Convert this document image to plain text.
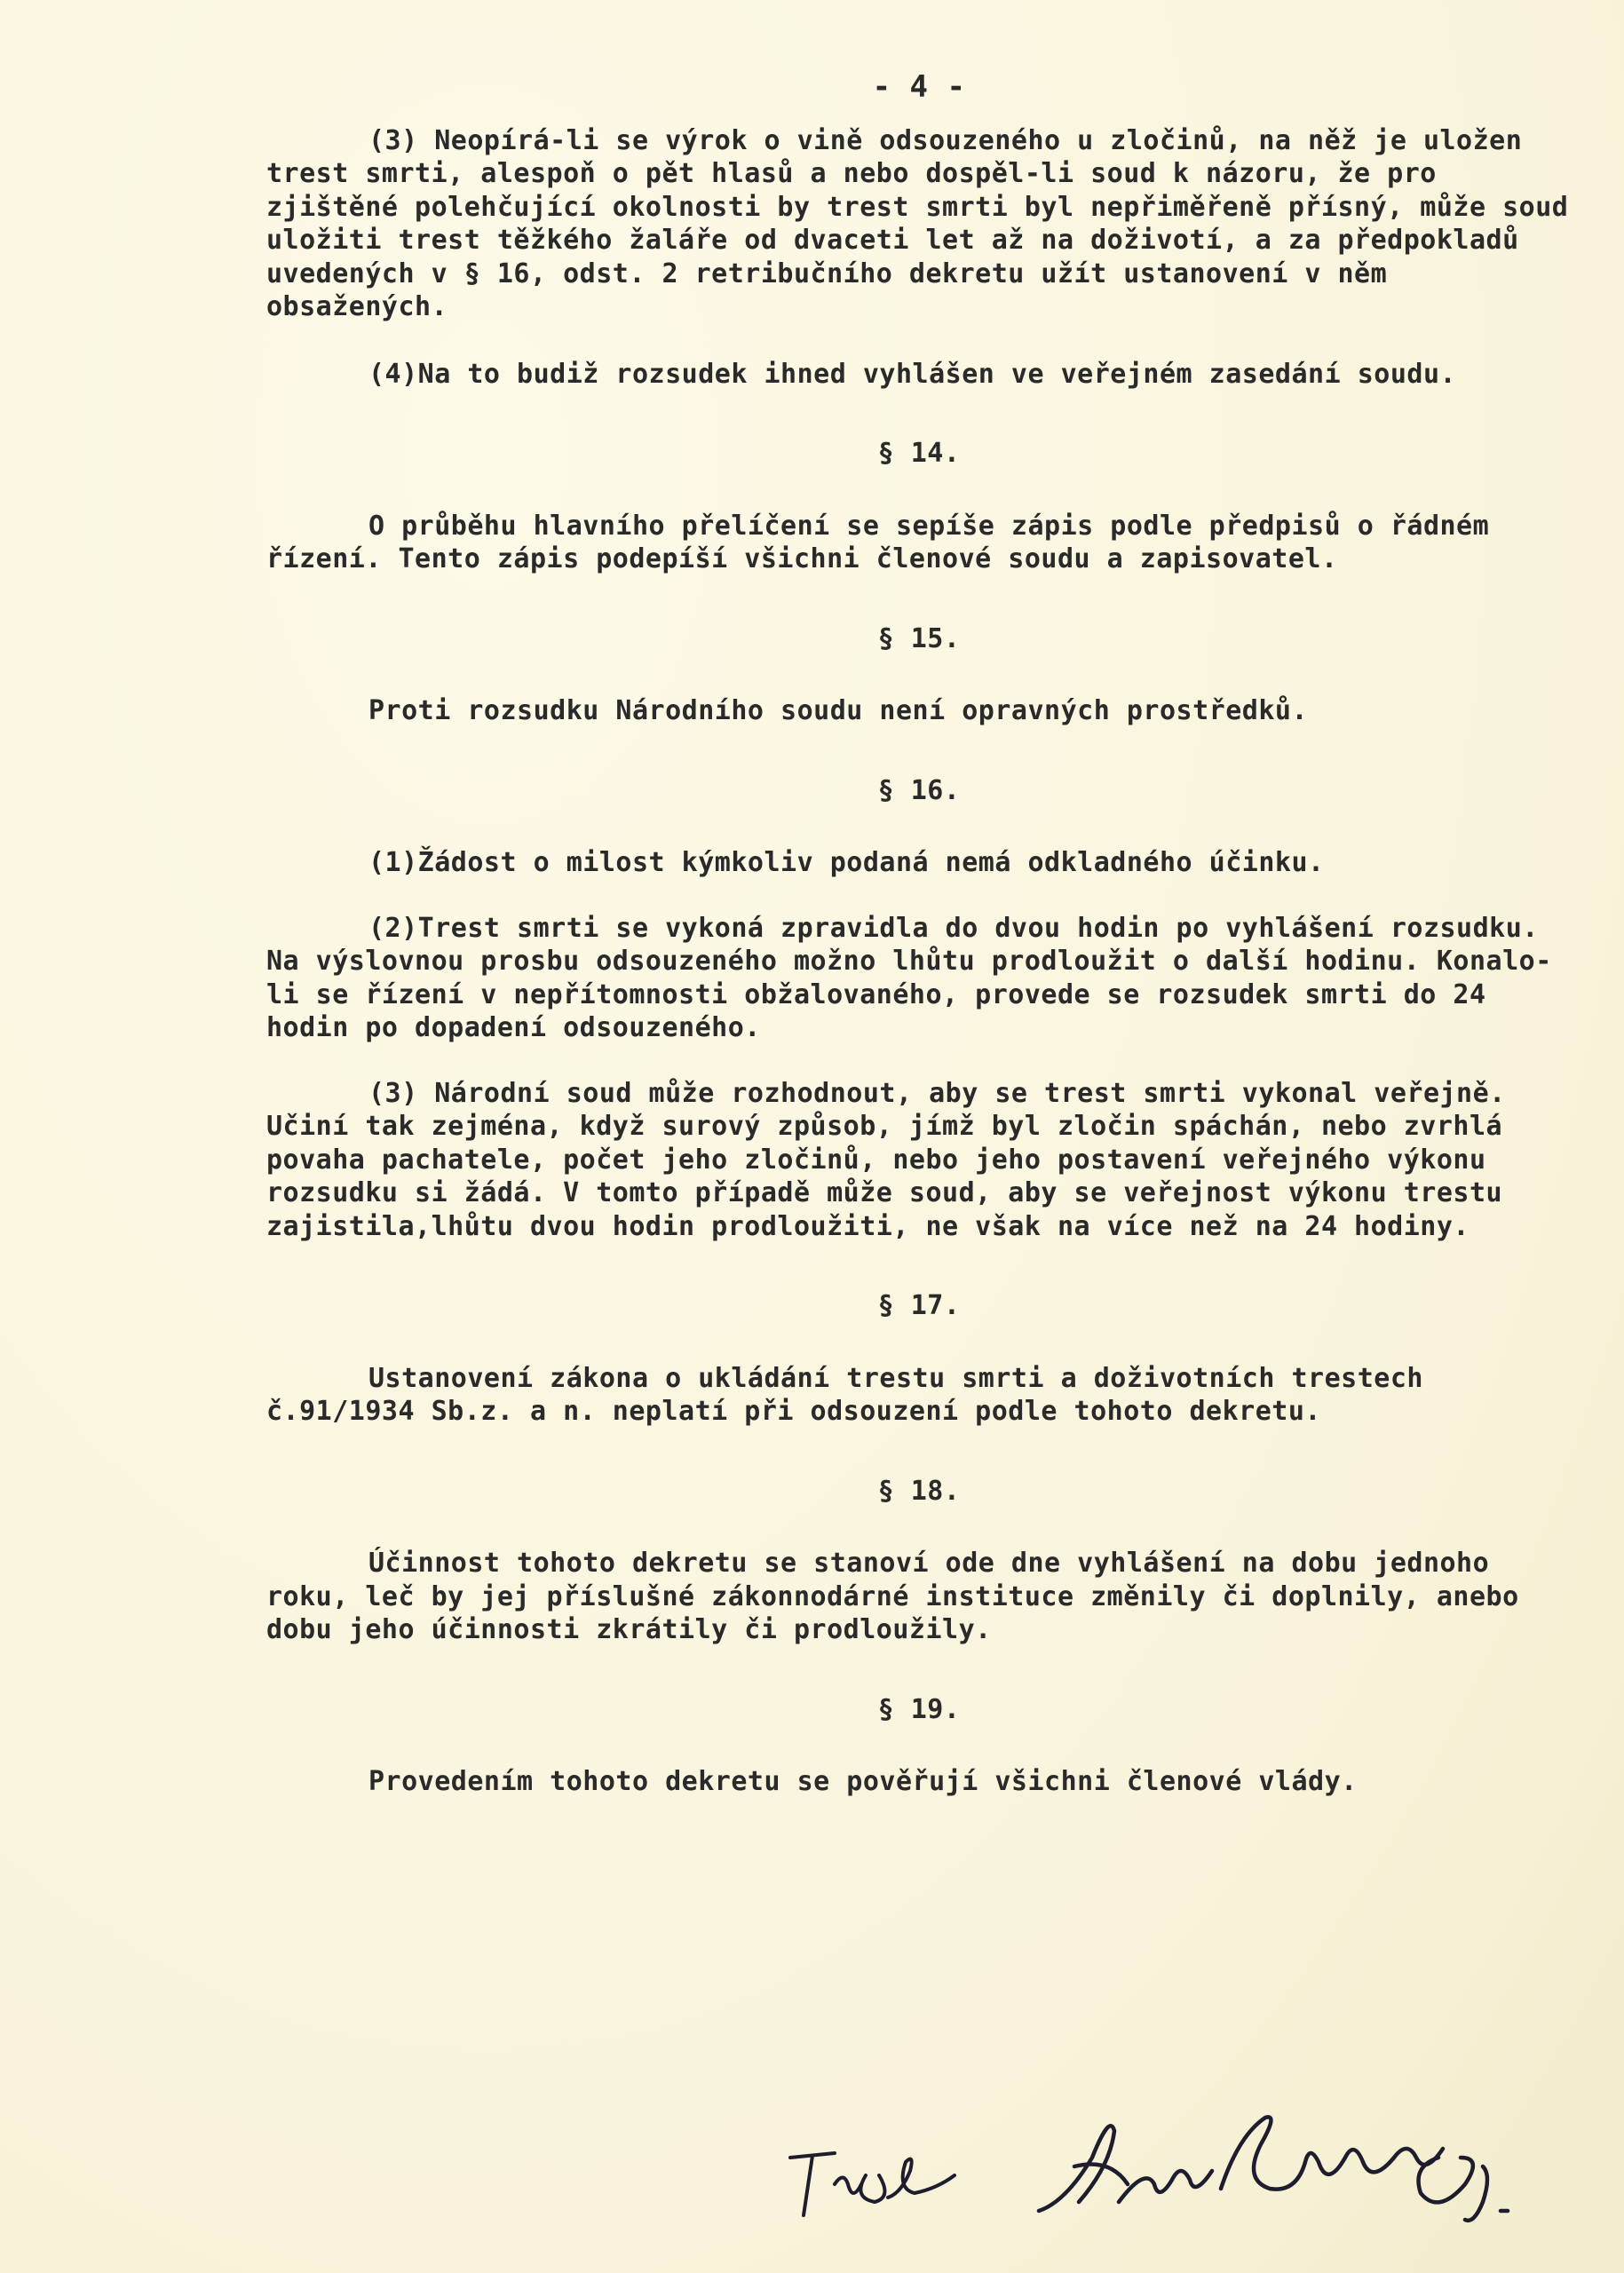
- 4 -

(3) Neopírá-li se výrok o vině odsouzeného u zločinů, na něž je uložen trest smrti, alespoň o pět hlasů a nebo dospěl-li soud k názoru, že pro zjištěné polehčující okolnosti by trest smrti byl nepřiměřeně přísný, může soud uložiti trest těžkého žaláře od dvaceti let až na doživotí, a za předpokladů uvedených v § 16, odst. 2 retribučního dekretu užít ustanovení v něm obsažených.

(4)Na to budiž rozsudek ihned vyhlášen ve veřejném zasedání soudu.

§ 14.

O průběhu hlavního přelíčení se sepíše zápis podle předpisů o řádném řízení. Tento zápis podepíší všichni členové soudu a zapisovatel.

§ 15.

Proti rozsudku Národního soudu není opravných prostředků.

§ 16.

(1)Žádost o milost kýmkoliv podaná nemá odkladného účinku.

(2)Trest smrti se vykoná zpravidla do dvou hodin po vyhlášení rozsudku. Na výslovnou prosbu odsouzeného možno lhůtu prodloužit o další hodinu. Konalo-li se řízení v nepřítomnosti obžalovaného, provede se rozsudek smrti do 24 hodin po dopadení odsouzeného.

(3) Národní soud může rozhodnout, aby se trest smrti vykonal veřejně. Učiní tak zejména, když surový způsob, jímž byl zločin spáchán, nebo zvrhlá povaha pachatele, počet jeho zločinů, nebo jeho postavení veřejného výkonu rozsudku si žádá. V tomto případě může soud, aby se veřejnost výkonu trestu zajistila,lhůtu dvou hodin prodloužiti, ne však na více než na 24 hodiny.

§ 17.

Ustanovení zákona o ukládání trestu smrti a doživotních trestech č.91/1934 Sb.z. a n. neplatí při odsouzení podle tohoto dekretu.

§ 18.

Účinnost tohoto dekretu se stanoví ode dne vyhlášení na dobu jednoho roku, leč by jej příslušné zákonnodárné instituce změnily či doplnily, anebo dobu jeho účinnosti zkrátily či prodloužily.

§ 19.

Provedením tohoto dekretu se pověřují všichni členové vlády.
